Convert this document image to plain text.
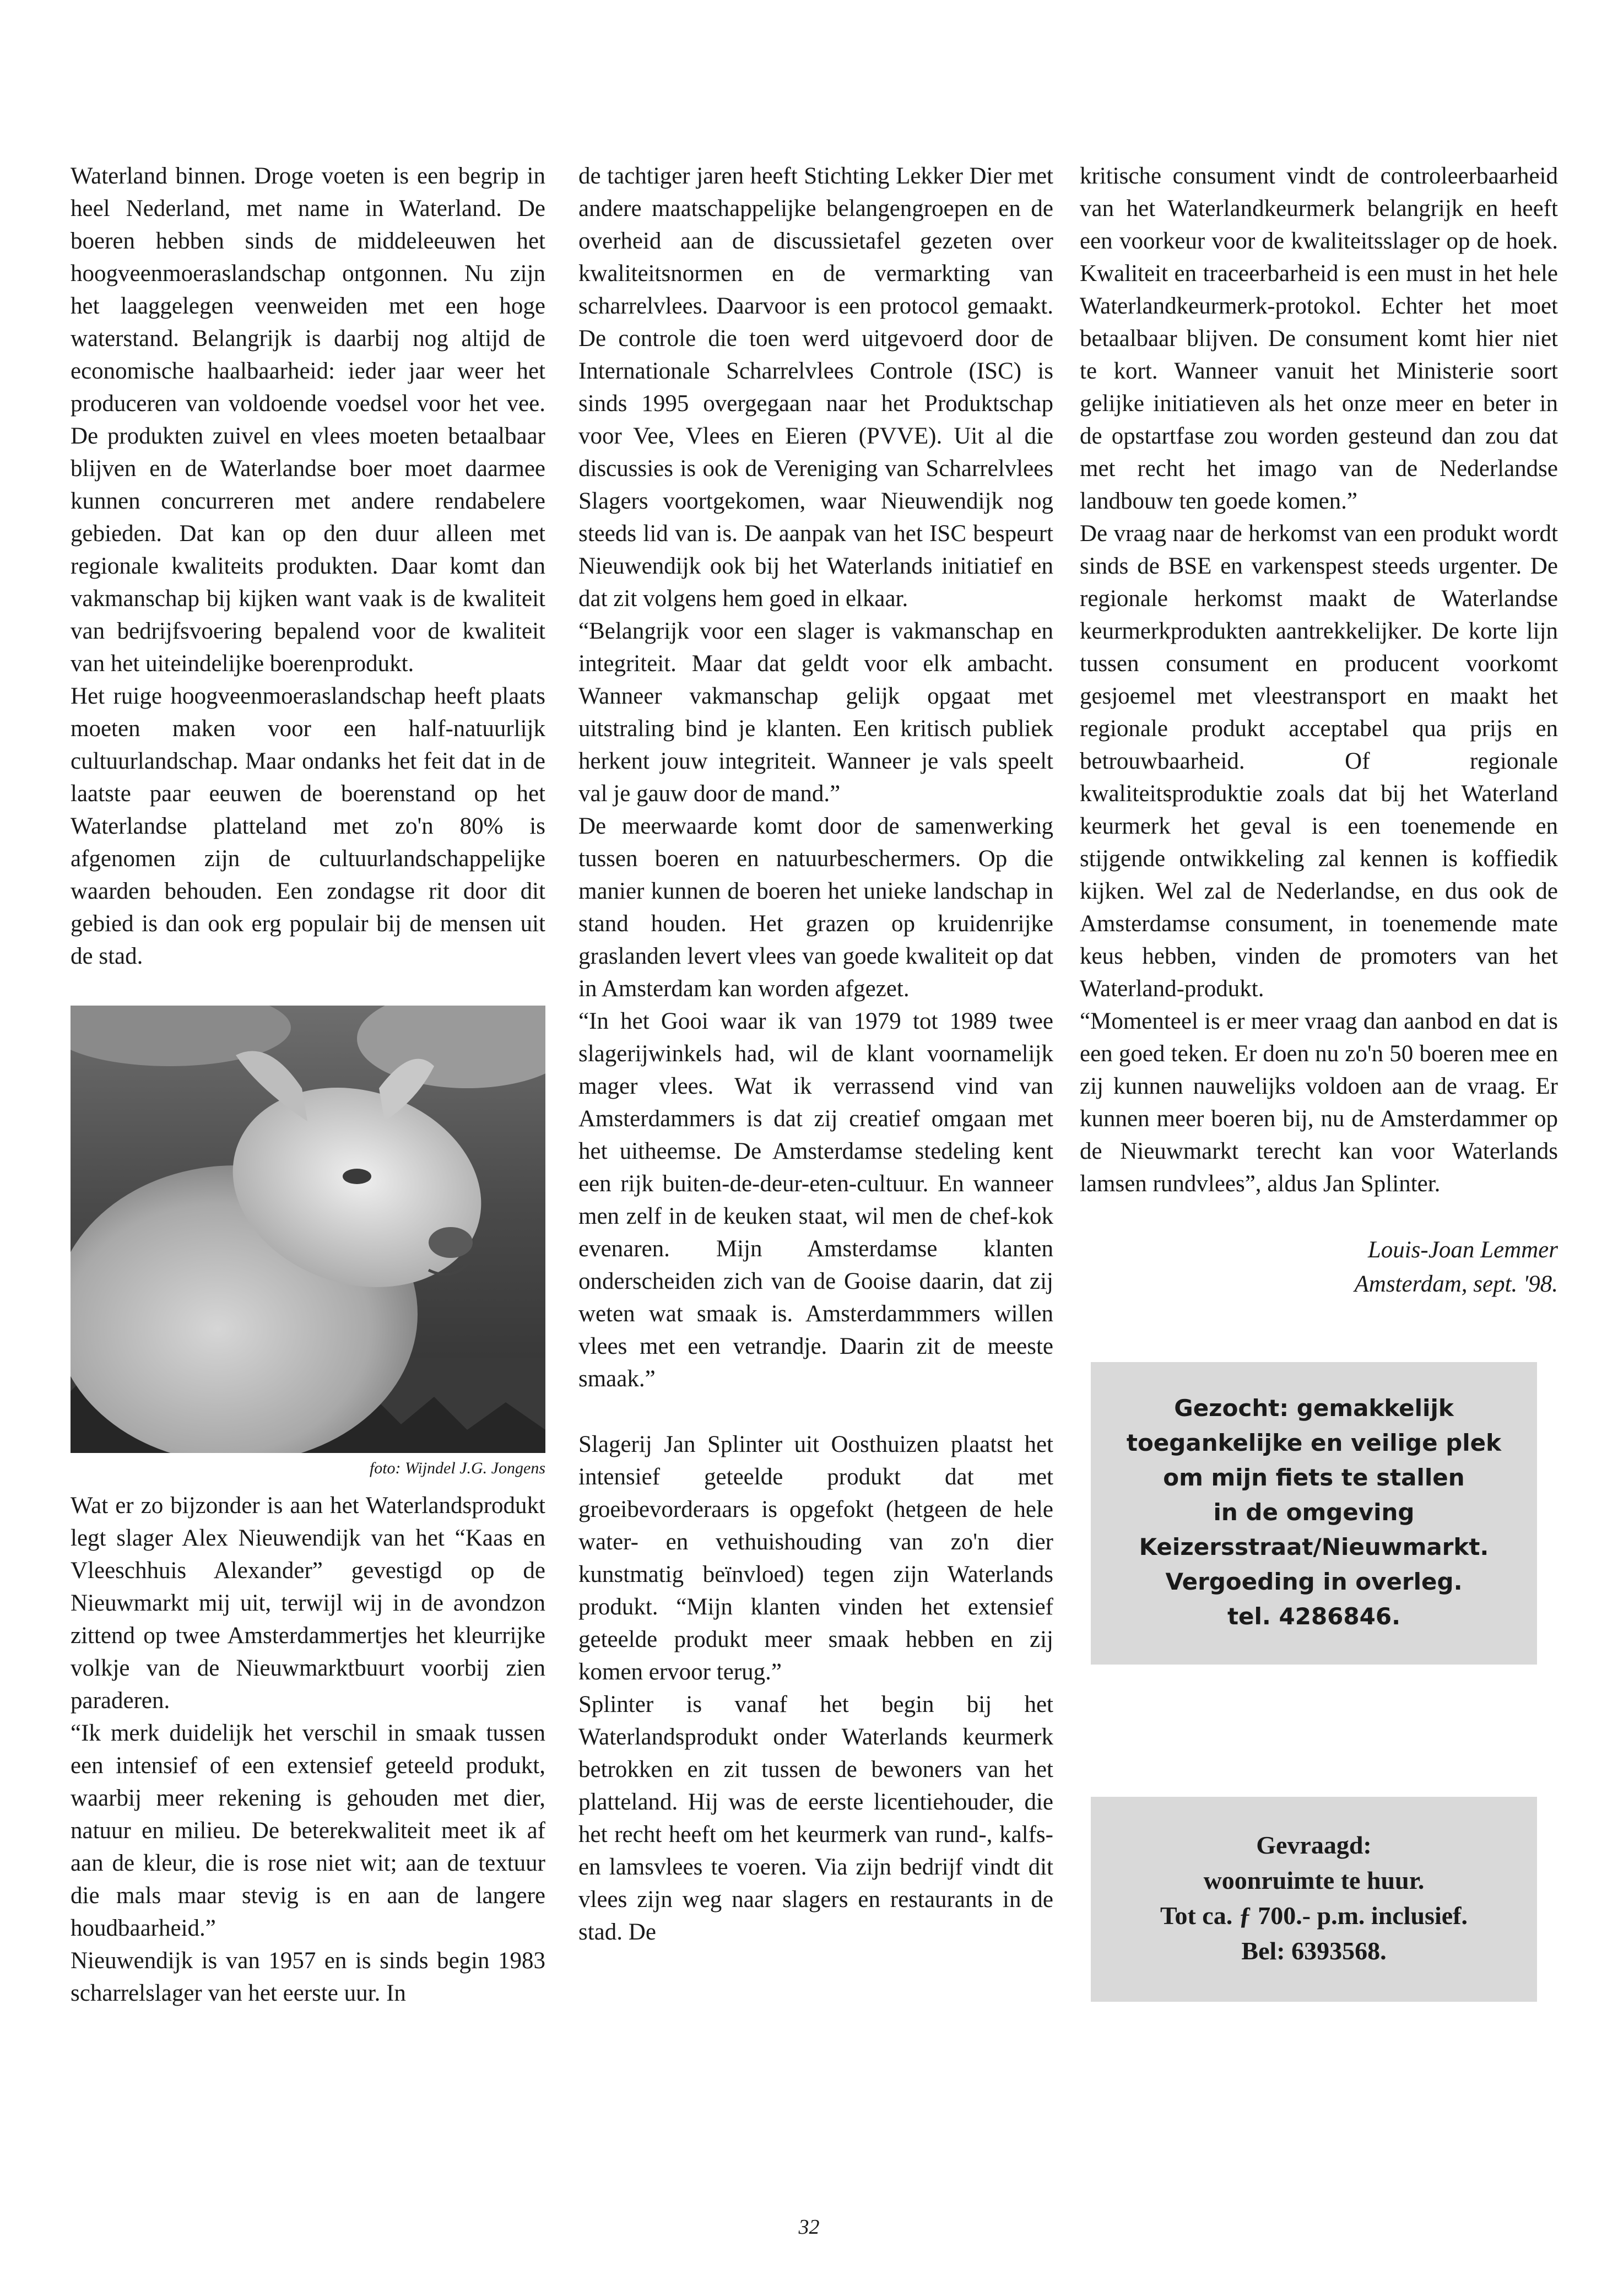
Waterland binnen. Droge voeten is een begrip in heel Nederland, met name in Waterland. De boeren hebben sinds de middeleeuwen het hoogveenmoeraslandschap ontgonnen. Nu zijn het laaggelegen veenweiden met een hoge waterstand. Belangrijk is daarbij nog altijd de economische haalbaarheid: ieder jaar weer het produceren van voldoende voedsel voor het vee. De produkten zuivel en vlees moeten betaalbaar blijven en de Waterlandse boer moet daarmee kunnen concurreren met andere rendabelere gebieden. Dat kan op den duur alleen met regionale kwaliteits produkten. Daar komt dan vakmanschap bij kijken want vaak is de kwaliteit van bedrijfsvoering bepalend voor de kwaliteit van het uiteindelijke boerenprodukt.

Het ruige hoogveenmoeraslandschap heeft plaats moeten maken voor een half-natuurlijk cultuurlandschap. Maar ondanks het feit dat in de laatste paar eeuwen de boerenstand op het Waterlandse platteland met zo'n 80% is afgenomen zijn de cultuurlandschappelijke waarden behouden. Een zondagse rit door dit gebied is dan ook erg populair bij de mensen uit de stad.

foto: Wijndel J.G. Jongens

Wat er zo bijzonder is aan het Waterlandsprodukt legt slager Alex Nieuwendijk van het “Kaas en Vleeschhuis Alexander” gevestigd op de Nieuwmarkt mij uit, terwijl wij in de avondzon zittend op twee Amsterdammertjes het kleurrijke volkje van de Nieuwmarktbuurt voorbij zien paraderen.

“Ik merk duidelijk het verschil in smaak tussen een intensief of een extensief geteeld produkt, waarbij meer rekening is gehouden met dier, natuur en milieu. De beterekwaliteit meet ik af aan de kleur, die is rose niet wit; aan de textuur die mals maar stevig is en aan de langere houdbaarheid.”

Nieuwendijk is van 1957 en is sinds begin 1983 scharrelslager van het eerste uur. In

de tachtiger jaren heeft Stichting Lekker Dier met andere maatschappelijke belangengroepen en de overheid aan de discussietafel gezeten over kwaliteitsnormen en de vermarkting van scharrelvlees. Daarvoor is een protocol gemaakt. De controle die toen werd uitgevoerd door de Internationale Scharrelvlees Controle (ISC) is sinds 1995 overgegaan naar het Produktschap voor Vee, Vlees en Eieren (PVVE). Uit al die discussies is ook de Vereniging van Scharrelvlees Slagers voortgekomen, waar Nieuwendijk nog steeds lid van is. De aanpak van het ISC bespeurt Nieuwendijk ook bij het Waterlands initiatief en dat zit volgens hem goed in elkaar.

“Belangrijk voor een slager is vakmanschap en integriteit. Maar dat geldt voor elk ambacht. Wanneer vakmanschap gelijk opgaat met uitstraling bind je klanten. Een kritisch publiek herkent jouw integriteit. Wanneer je vals speelt val je gauw door de mand.”

De meerwaarde komt door de samenwerking tussen boeren en natuurbeschermers. Op die manier kunnen de boeren het unieke landschap in stand houden. Het grazen op kruidenrijke graslanden levert vlees van goede kwaliteit op dat in Amsterdam kan worden afgezet.

“In het Gooi waar ik van 1979 tot 1989 twee slagerijwinkels had, wil de klant voornamelijk mager vlees. Wat ik verrassend vind van Amsterdammers is dat zij creatief omgaan met het uitheemse. De Amsterdamse stedeling kent een rijk buiten-de-deur-eten-cultuur. En wanneer men zelf in de keuken staat, wil men de chef-kok evenaren. Mijn Amsterdamse klanten onderscheiden zich van de Gooise daarin, dat zij weten wat smaak is. Amsterdammmers willen vlees met een vetrandje. Daarin zit de meeste smaak.”

Slagerij Jan Splinter uit Oosthuizen plaatst het intensief geteelde produkt dat met groeibevorderaars is opgefokt (hetgeen de hele water- en vethuishouding van zo'n dier kunstmatig beïnvloed) tegen zijn Waterlands produkt. “Mijn klanten vinden het extensief geteelde produkt meer smaak hebben en zij komen ervoor terug.”

Splinter is vanaf het begin bij het Waterlandsprodukt onder Waterlands keurmerk betrokken en zit tussen de bewoners van het platteland. Hij was de eerste licentiehouder, die het recht heeft om het keurmerk van rund-, kalfs- en lamsvlees te voeren. Via zijn bedrijf vindt dit vlees zijn weg naar slagers en restaurants in de stad. De

kritische consument vindt de controleerbaarheid van het Waterlandkeurmerk belangrijk en heeft een voorkeur voor de kwaliteitsslager op de hoek. Kwaliteit en traceerbarheid is een must in het hele Waterlandkeurmerk-protokol. Echter het moet betaalbaar blijven. De consument komt hier niet te kort. Wanneer vanuit het Ministerie soort gelijke initiatieven als het onze meer en beter in de opstartfase zou worden gesteund dan zou dat met recht het imago van de Nederlandse landbouw ten goede komen.”

De vraag naar de herkomst van een produkt wordt sinds de BSE en varkenspest steeds urgenter. De regionale herkomst maakt de Waterlandse keurmerkprodukten aantrekkelijker. De korte lijn tussen consument en producent voorkomt gesjoemel met vleestransport en maakt het regionale produkt acceptabel qua prijs en betrouwbaarheid. Of regionale kwaliteitsproduktie zoals dat bij het Waterland keurmerk het geval is een toenemende en stijgende ontwikkeling zal kennen is koffiedik kijken. Wel zal de Nederlandse, en dus ook de Amsterdamse consument, in toenemende mate keus hebben, vinden de promoters van het Waterland-produkt.

“Momenteel is er meer vraag dan aanbod en dat is een goed teken. Er doen nu zo'n 50 boeren mee en zij kunnen nauwelijks voldoen aan de vraag. Er kunnen meer boeren bij, nu de Amsterdammer op de Nieuwmarkt terecht kan voor Waterlands lamsen rundvlees”, aldus Jan Splinter.

Louis-Joan Lemmer
Amsterdam, sept. '98.
Gezocht: gemakkelijk
toegankelijke en veilige plek
om mijn fiets te stallen
in de omgeving
Keizersstraat/Nieuwmarkt.
Vergoeding in overleg.
tel. 4286846.
Gevraagd:
woonruimte te huur.
Tot ca. ƒ 700.- p.m. inclusief.
Bel: 6393568.
32
